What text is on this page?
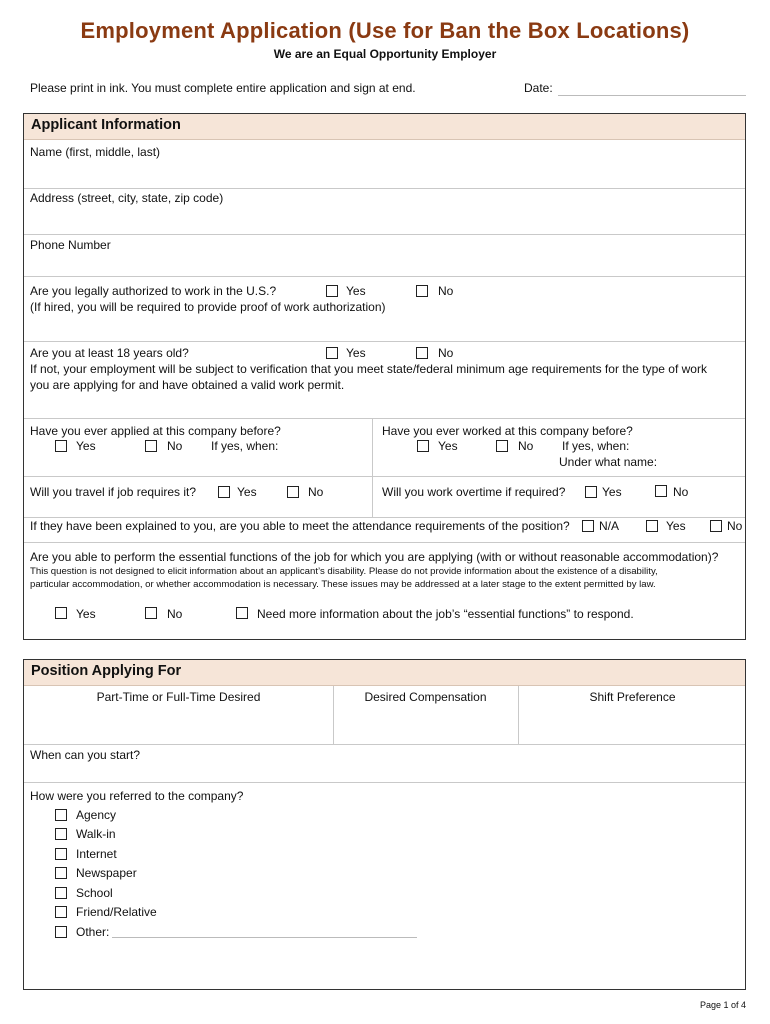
Employment Application (Use for Ban the Box Locations)
We are an Equal Opportunity Employer
Please print in ink. You must complete entire application and sign at end.	Date:
Applicant Information
Name (first, middle, last)
Address (street, city, state, zip code)
Phone Number
Are you legally authorized to work in the U.S.?	Yes	No
(If hired, you will be required to provide proof of work authorization)
Are you at least 18 years old?	Yes	No
If not, your employment will be subject to verification that you meet state/federal minimum age requirements for the type of work
you are applying for and have obtained a valid work permit.
Have you ever applied at this company before?
Yes	No If yes, when:
Have you ever worked at this company before?
Yes	No If yes, when:
Under what name:
Will you travel if job requires it?	Yes	No	Will you work overtime if required?	Yes	No
If they have been explained to you, are you able to meet the attendance requirements of the position? N/A	Yes	No
Are you able to perform the essential functions of the job for which you are applying (with or without reasonable accommodation)?
This question is not designed to elicit information about an applicant’s disability. Please do not provide information about the existence of a disability,
particular accommodation, or whether accommodation is necessary. These issues may be addressed at a later stage to the extent permitted by law.
Yes	No	Need more information about the job’s “essential functions” to respond.
Position Applying For
Part-Time or Full-Time Desired	Desired Compensation	Shift Preference
When can you start?
How were you referred to the company?
Agency
Walk-in
Internet
Newspaper
School
Friend/Relative
Other:
Page 1 of 4
